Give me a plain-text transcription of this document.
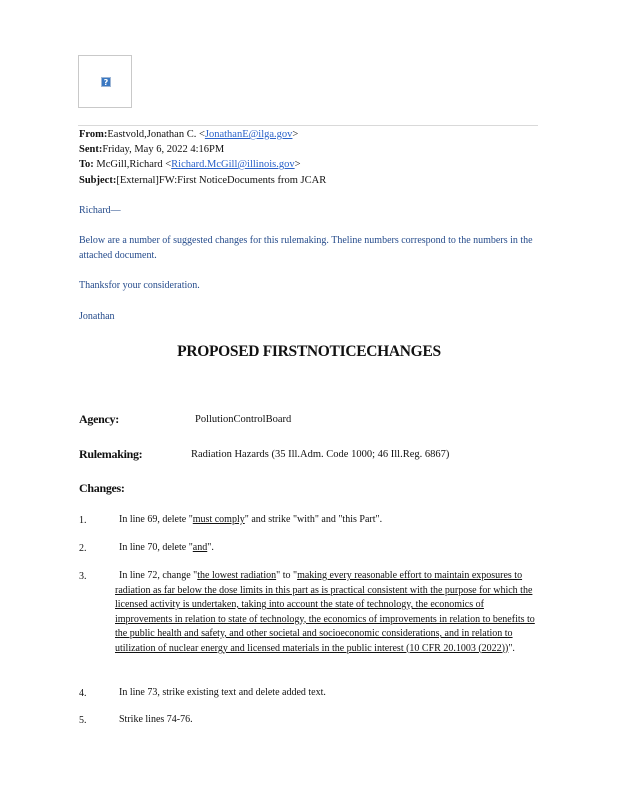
?
From:Eastvold,Jonathan C. <JonathanE@ilga.gov>
Sent:Friday, May 6, 2022 4:16PM
To: McGill,Richard <Richard.McGill@illinois.gov>
Subject:[External]FW:First NoticeDocuments from JCAR
Richard—
Below are a number of suggested changes for this rulemaking. Theline numbers correspond to the numbers in the attached document.
Thanksfor your consideration.
Jonathan
PROPOSED FIRSTNOTICECHANGES
Agency:	PollutionControlBoard
Rulemaking:	Radiation Hazards (35 Ill.Adm. Code 1000; 46 Ill.Reg. 6867)
Changes:
1.	In line 69, delete "must comply" and strike "with" and "this Part".
2.	In line 70, delete "and".
3.	In line 72, change "the lowest radiation" to "making every reasonable effort to maintain exposures to radiation as far below the dose limits in this part as is practical consistent with the purpose for which the licensed activity is undertaken, taking into account the state of technology, the economics of improvements in relation to state of technology, the economics of improvements in relation to benefits to the public health and safety, and other societal and socioeconomic considerations, and in relation to utilization of nuclear energy and licensed materials in the public interest (10 CFR 20.1003 (2022))".
4.	In line 73, strike existing text and delete added text.
5.	Strike lines 74-76.
